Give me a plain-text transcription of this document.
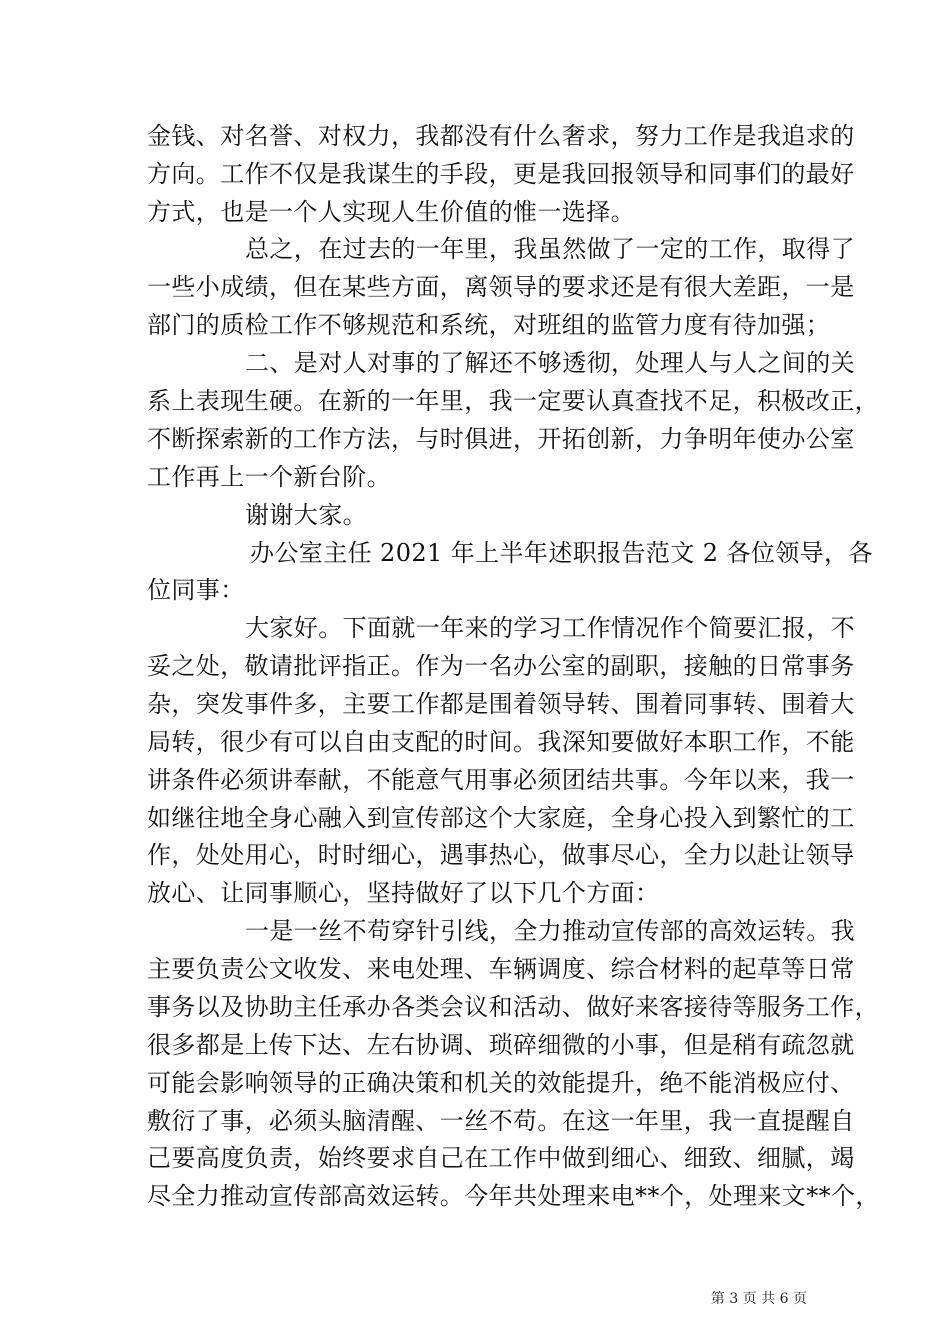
金钱、对名誉、对权力，我都没有什么奢求，努力工作是我追求的
方向。工作不仅是我谋生的手段，更是我回报领导和同事们的最好
方式，也是一个人实现人生价值的惟一选择。
总之，在过去的一年里，我虽然做了一定的工作，取得了
一些小成绩，但在某些方面，离领导的要求还是有很大差距，一是
部门的质检工作不够规范和系统，对班组的监管力度有待加强；
二、是对人对事的了解还不够透彻，处理人与人之间的关
系上表现生硬。在新的一年里，我一定要认真查找不足，积极改正，
不断探索新的工作方法，与时俱进，开拓创新，力争明年使办公室
工作再上一个新台阶。
谢谢大家。
办公室主任 2021 年上半年述职报告范文 2 各位领导，各
位同事：
大家好。下面就一年来的学习工作情况作个简要汇报，不
妥之处，敬请批评指正。作为一名办公室的副职，接触的日常事务
杂，突发事件多，主要工作都是围着领导转、围着同事转、围着大
局转，很少有可以自由支配的时间。我深知要做好本职工作，不能
讲条件必须讲奉献，不能意气用事必须团结共事。今年以来，我一
如继往地全身心融入到宣传部这个大家庭，全身心投入到繁忙的工
作，处处用心，时时细心，遇事热心，做事尽心，全力以赴让领导
放心、让同事顺心，坚持做好了以下几个方面：
一是一丝不苟穿针引线，全力推动宣传部的高效运转。我
主要负责公文收发、来电处理、车辆调度、综合材料的起草等日常
事务以及协助主任承办各类会议和活动、做好来客接待等服务工作，
很多都是上传下达、左右协调、琐碎细微的小事，但是稍有疏忽就
可能会影响领导的正确决策和机关的效能提升，绝不能消极应付、
敷衍了事，必须头脑清醒、一丝不苟。在这一年里，我一直提醒自
己要高度负责，始终要求自己在工作中做到细心、细致、细腻，竭
尽全力推动宣传部高效运转。今年共处理来电**个，处理来文**个，
第 3 页 共 6 页
